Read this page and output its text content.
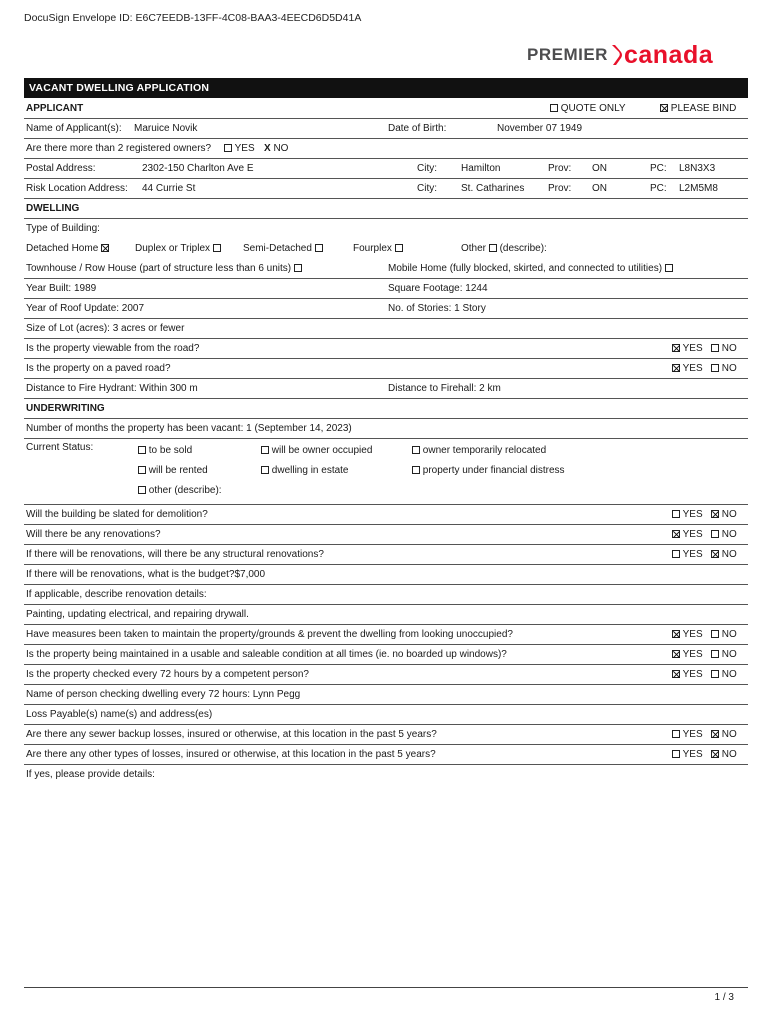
DocuSign Envelope ID: E6C7EEDB-13FF-4C08-BAA3-4EECD6D5D41A
PREMIER canada
VACANT DWELLING APPLICATION
APPLICANT	QUOTE ONLY	PLEASE BIND
Name of Applicant(s): Maruice Novik	Date of Birth:	November 07 1949
Are there more than 2 registered owners?	YES X NO
Postal Address:	2302-150 Charlton Ave E	City: Hamilton	Prov: ON	PC: L8N3X3
Risk Location Address: 44 Currie St	City: St. Catharines Prov: ON	PC: L2M5M8
DWELLING
Type of Building:
Detached Home	Duplex or Triplex	Semi-Detached	Fourplex	Other (describe):
Townhouse / Row House (part of structure less than 6 units)	Mobile Home (fully blocked, skirted, and connected to utilities)
Year Built: 1989	Square Footage: 1244
Year of Roof Update: 2007	No. of Stories: 1 Story
Size of Lot (acres): 3 acres or fewer
Is the property viewable from the road?	YES	NO
Is the property on a paved road?	YES	NO
Distance to Fire Hydrant: Within 300 m	Distance to Firehall: 2 km
UNDERWRITING
Number of months the property has been vacant: 1 (September 14, 2023)
Current Status:	to be sold	will be owner occupied	owner temporarily relocated
will be rented	dwelling in estate	property under financial distress
other (describe):
Will the building be slated for demolition?	YES	NO
Will there be any renovations?	YES	NO
If there will be renovations, will there be any structural renovations?	YES	NO
If there will be renovations, what is the budget?$7,000
If applicable, describe renovation details:
Painting, updating electrical, and repairing drywall.
Have measures been taken to maintain the property/grounds & prevent the dwelling from looking unoccupied?	YES	NO
Is the property being maintained in a usable and saleable condition at all times (ie. no boarded up windows)?	YES	NO
Is the property checked every 72 hours by a competent person?	YES	NO
Name of person checking dwelling every 72 hours: Lynn Pegg
Loss Payable(s) name(s) and address(es)
Are there any sewer backup losses, insured or otherwise, at this location in the past 5 years?	YES	NO
Are there any other types of losses, insured or otherwise, at this location in the past 5 years?	YES	NO
If yes, please provide details:
1 / 3
